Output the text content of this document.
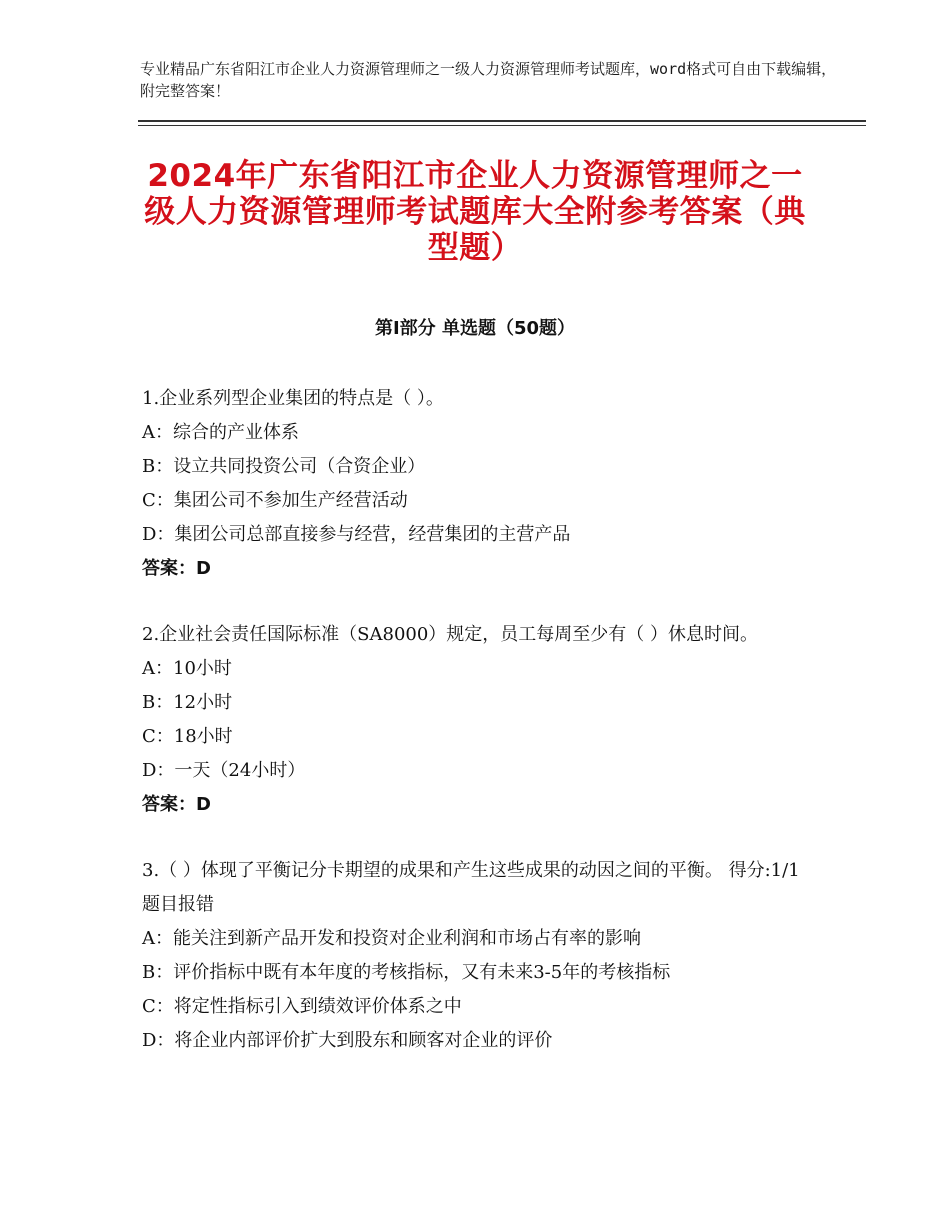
专业精品广东省阳江市企业人力资源管理师之一级人力资源管理师考试题库，word格式可自由下载编辑，附完整答案！
2024年广东省阳江市企业人力资源管理师之一级人力资源管理师考试题库大全附参考答案（典型题）
第Ⅰ部分 单选题（50题）

1.企业系列型企业集团的特点是（ ）。

A：综合的产业体系

B：设立共同投资公司（合资企业）

C：集团公司不参加生产经营活动

D：集团公司总部直接参与经营，经营集团的主营产品

答案：D

2.企业社会责任国际标准（SA8000）规定，员工每周至少有（ ）休息时间。

A：10小时

B：12小时

C：18小时

D：一天（24小时）

答案：D

3.（ ）体现了平衡记分卡期望的成果和产生这些成果的动因之间的平衡。 得分:1/1 题目报错

A：能关注到新产品开发和投资对企业利润和市场占有率的影响

B：评价指标中既有本年度的考核指标，又有未来3-5年的考核指标

C：将定性指标引入到绩效评价体系之中

D：将企业内部评价扩大到股东和顾客对企业的评价
